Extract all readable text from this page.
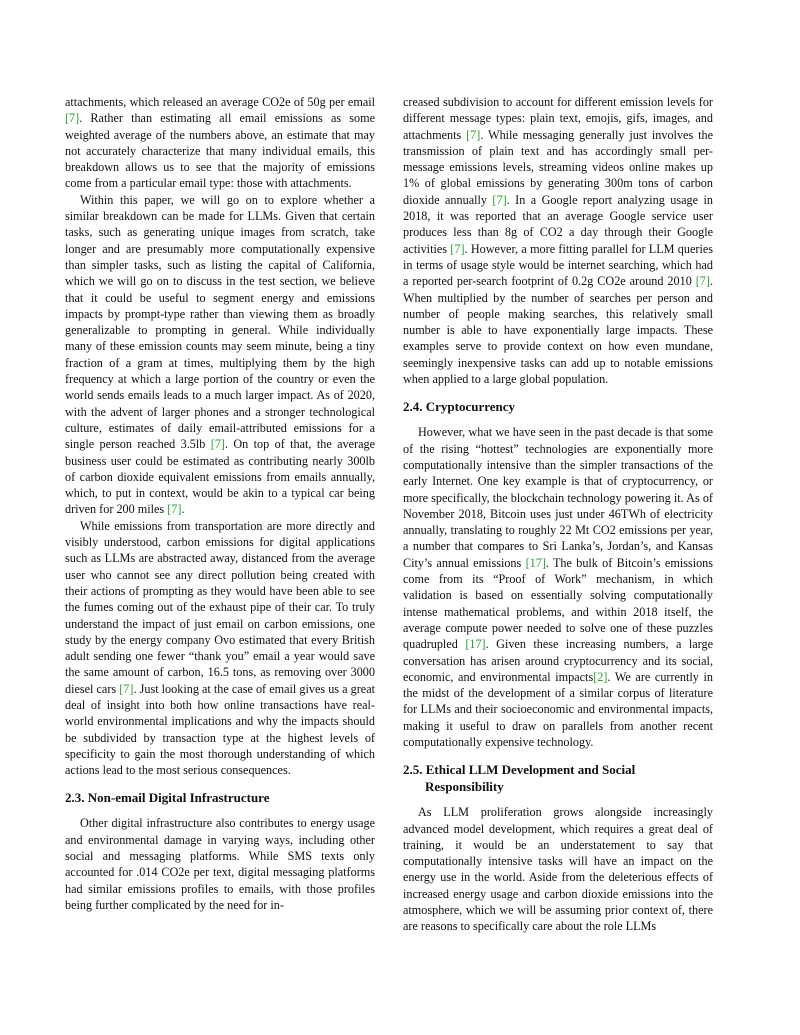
attachments, which released an average CO2e of 50g per email [7]. Rather than estimating all email emissions as some weighted average of the numbers above, an estimate that may not accurately characterize that many individual emails, this breakdown allows us to see that the majority of emissions come from a particular email type: those with attachments.

Within this paper, we will go on to explore whether a similar breakdown can be made for LLMs. Given that certain tasks, such as generating unique images from scratch, take longer and are presumably more computationally expensive than simpler tasks, such as listing the capital of California, which we will go on to discuss in the test section, we believe that it could be useful to segment energy and emissions impacts by prompt-type rather than viewing them as broadly generalizable to prompting in general. While individually many of these emission counts may seem minute, being a tiny fraction of a gram at times, multiplying them by the high frequency at which a large portion of the country or even the world sends emails leads to a much larger impact. As of 2020, with the advent of larger phones and a stronger technological culture, estimates of daily email-attributed emissions for a single person reached 3.5lb [7]. On top of that, the average business user could be estimated as contributing nearly 300lb of carbon dioxide equivalent emissions from emails annually, which, to put in context, would be akin to a typical car being driven for 200 miles [7].

While emissions from transportation are more directly and visibly understood, carbon emissions for digital applications such as LLMs are abstracted away, distanced from the average user who cannot see any direct pollution being created with their actions of prompting as they would have been able to see the fumes coming out of the exhaust pipe of their car. To truly understand the impact of just email on carbon emissions, one study by the energy company Ovo estimated that every British adult sending one fewer “thank you” email a year would save the same amount of carbon, 16.5 tons, as removing over 3000 diesel cars [7]. Just looking at the case of email gives us a great deal of insight into both how online transactions have real-world environmental implications and why the impacts should be subdivided by transaction type at the highest levels of specificity to gain the most thorough understanding of which actions lead to the most serious consequences.

2.3. Non-email Digital Infrastructure

Other digital infrastructure also contributes to energy usage and environmental damage in varying ways, including other social and messaging platforms. While SMS texts only accounted for .014 CO2e per text, digital messaging platforms had similar emissions profiles to emails, with those profiles being further complicated by the need for in-

creased subdivision to account for different emission levels for different message types: plain text, emojis, gifs, images, and attachments [7]. While messaging generally just involves the transmission of plain text and has accordingly small per-message emissions levels, streaming videos online makes up 1% of global emissions by generating 300m tons of carbon dioxide annually [7]. In a Google report analyzing usage in 2018, it was reported that an average Google service user produces less than 8g of CO2 a day through their Google activities [7]. However, a more fitting parallel for LLM queries in terms of usage style would be internet searching, which had a reported per-search footprint of 0.2g CO2e around 2010 [7]. When multiplied by the number of searches per person and number of people making searches, this relatively small number is able to have exponentially large impacts. These examples serve to provide context on how even mundane, seemingly inexpensive tasks can add up to notable emissions when applied to a large global population.

2.4. Cryptocurrency

However, what we have seen in the past decade is that some of the rising “hottest” technologies are exponentially more computationally intensive than the simpler transactions of the early Internet. One key example is that of cryptocurrency, or more specifically, the blockchain technology powering it. As of November 2018, Bitcoin uses just under 46TWh of electricity annually, translating to roughly 22 Mt CO2 emissions per year, a number that compares to Sri Lanka’s, Jordan’s, and Kansas City’s annual emissions [17]. The bulk of Bitcoin’s emissions come from its “Proof of Work” mechanism, in which validation is based on essentially solving computationally intense mathematical problems, and within 2018 itself, the average compute power needed to solve one of these puzzles quadrupled [17]. Given these increasing numbers, a large conversation has arisen around cryptocurrency and its social, economic, and environmental impacts[2]. We are currently in the midst of the development of a similar corpus of literature for LLMs and their socioeconomic and environmental impacts, making it useful to draw on parallels from another recent computationally expensive technology.

2.5. Ethical LLM Development and Social Responsibility

As LLM proliferation grows alongside increasingly advanced model development, which requires a great deal of training, it would be an understatement to say that computationally intensive tasks will have an impact on the energy use in the world. Aside from the deleterious effects of increased energy usage and carbon dioxide emissions into the atmosphere, which we will be assuming prior context of, there are reasons to specifically care about the role LLMs
